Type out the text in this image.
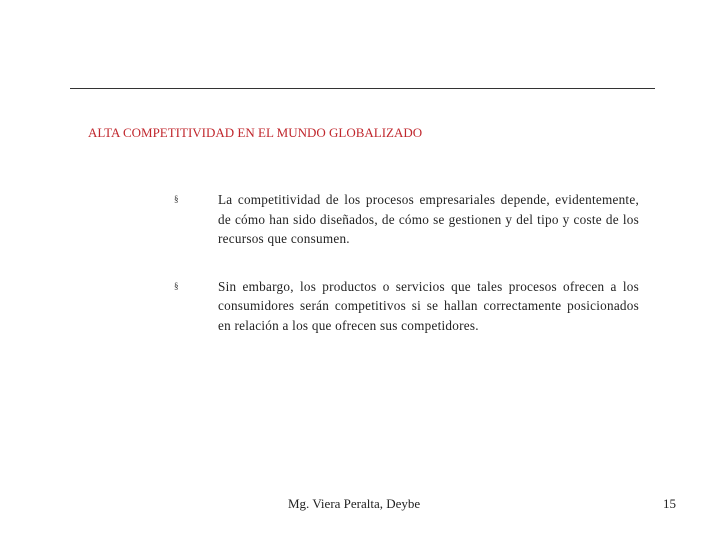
ALTA COMPETITIVIDAD EN EL MUNDO GLOBALIZADO
§	La competitividad de los procesos empresariales depende, evidentemente, de cómo han sido diseñados, de cómo se gestionen y del tipo y coste de los recursos que consumen.
§	Sin embargo, los productos o servicios que tales procesos ofrecen a los consumidores serán competitivos si se hallan correctamente posicionados en relación a los que ofrecen sus competidores.
Mg. Viera Peralta, Deybe	15
